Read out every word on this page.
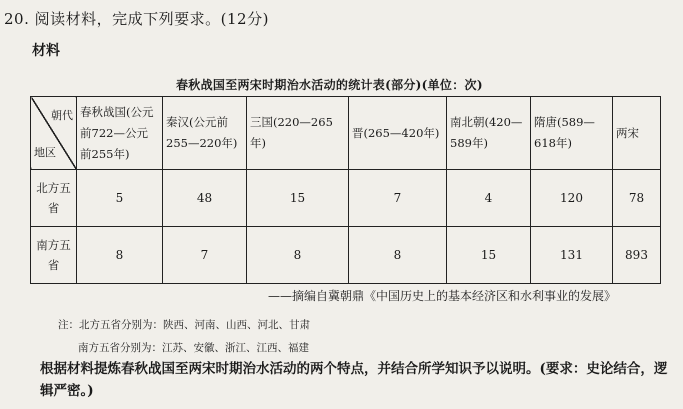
20. 阅读材料，完成下列要求。(12分)
材料
春秋战国至两宋时期治水活动的统计表(部分)(单位：次)
朝代
地区	春秋战国(公元前722—公元前255年)	秦汉(公元前255—220年)	三国(220—265年)	晋(265—420年)	南北朝(420—589年)	隋唐(589—618年)	两宋
北方五省	5	48	15	7	4	120	78
南方五省	8	7	8	8	15	131	893
——摘编自冀朝鼎《中国历史上的基本经济区和水利事业的发展》
注：北方五省分别为：陕西、河南、山西、河北、甘肃
南方五省分别为：江苏、安徽、浙江、江西、福建
根据材料提炼春秋战国至两宋时期治水活动的两个特点，并结合所学知识予以说明。(要求：史论结合，逻辑严密。)
